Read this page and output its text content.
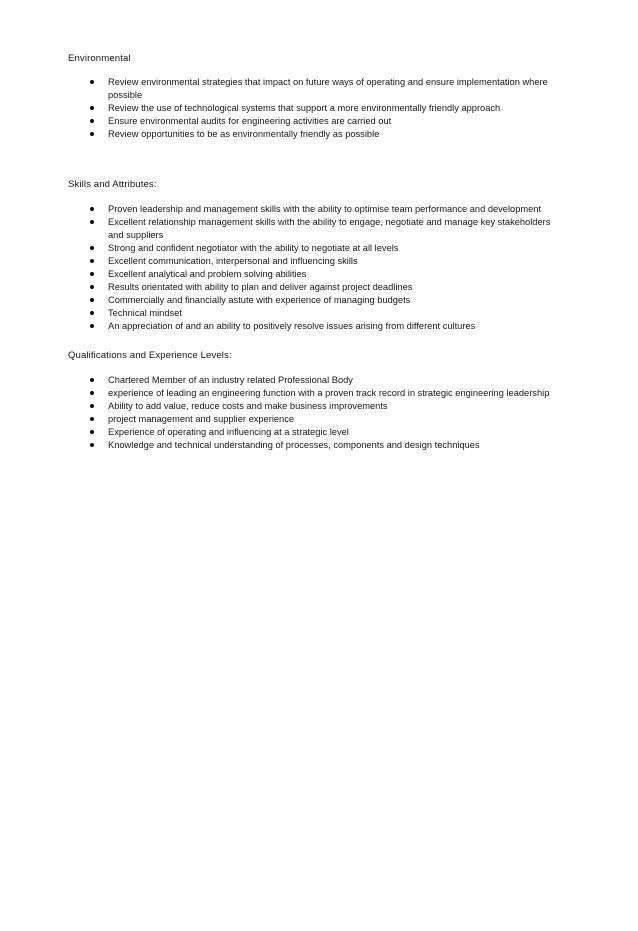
Environmental
Review environmental strategies that impact on future ways of operating and ensure implementation where possible
Review the use of technological systems that support a more environmentally friendly approach
Ensure environmental audits for engineering activities are carried out
Review opportunities to be as environmentally friendly as possible
Skills and Attributes:
Proven leadership and management skills with the ability to optimise team performance and development
Excellent relationship management skills with the ability to engage, negotiate and manage key stakeholders and suppliers
Strong and confident negotiator with the ability to negotiate at all levels
Excellent communication, interpersonal and influencing skills
Excellent analytical and problem solving abilities
Results orientated with ability to plan and deliver against project deadlines
Commercially and financially astute with experience of managing budgets
Technical mindset
An appreciation of and an ability to positively resolve issues arising from different cultures
Qualifications and Experience Levels:
Chartered Member of an industry related Professional Body
experience of leading an engineering function with a proven track record in strategic engineering leadership
Ability to add value, reduce costs and make business improvements
project management and supplier experience
Experience of operating and influencing at a strategic level
Knowledge and technical understanding of processes, components and design techniques
